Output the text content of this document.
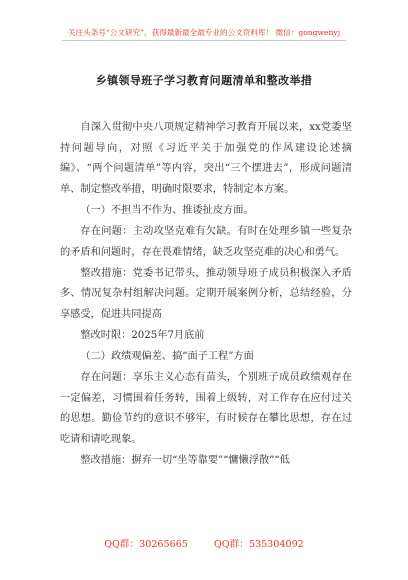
关注头条号“公文研究”，获得最新最全最专业的公文资料库！ 微信：gongwenyj
乡镇领导班子学习教育问题清单和整改举措

自深入贯彻中央八项规定精神学习教育开展以来，xx党委坚持问题导向，对照《习近平关于加强党的作风建设论述摘编》、“两个问题清单”等内容，突出“三个摆进去”，形成问题清单、制定整改举措，明确时限要求，特制定本方案。

（一）不担当不作为、推诿扯皮方面。

存在问题：主动攻坚克难有欠缺。有时在处理乡镇一些复杂的矛盾和问题时，存在畏难情绪，缺乏攻坚克难的决心和勇气。

整改措施：党委书记带头，推动领导班子成员积极深入矛盾多、情况复杂村组解决问题。定期开展案例分析，总结经验，分享感受，促进共同提高

整改时限：2025年7月底前

（二）政绩观偏差、搞“面子工程”方面

存在问题：享乐主义心态有苗头，个别班子成员政绩观存在一定偏差，习惯围着任务转，围着上级转，对工作存在应付过关的思想。勤俭节约的意识不够牢，有时候存在攀比思想，存在过吃请和请吃现象。

整改措施：摒弃一切“坐等靠要”“慵懒浮散”“低

QQ群：30265665	QQ群：535304092
